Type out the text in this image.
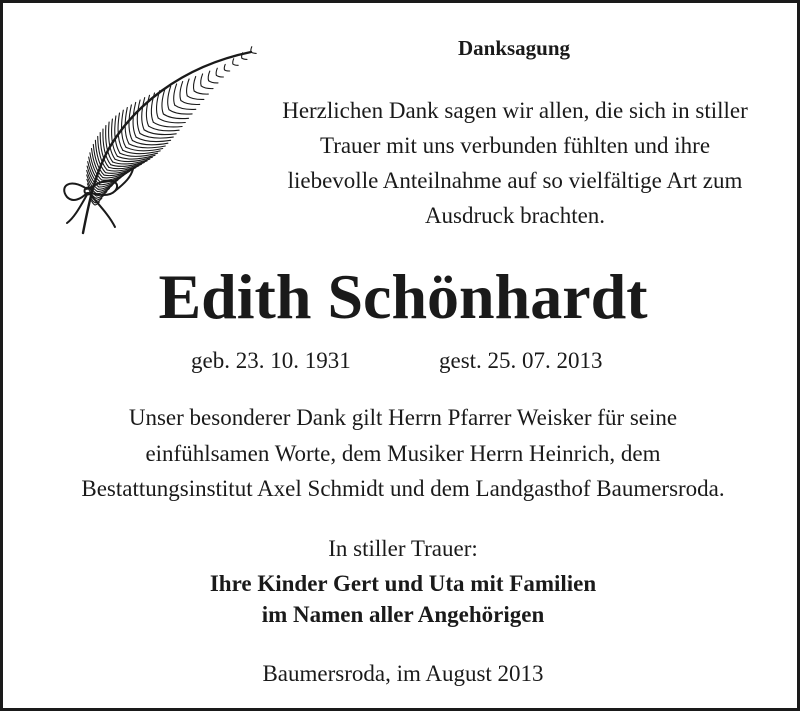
Danksagung
Herzlichen Dank sagen wir allen, die sich in stiller
Trauer mit uns verbunden fühlten und ihre
liebevolle Anteilnahme auf so vielfältige Art zum
Ausdruck brachten.
Edith Schönhardt
geb. 23. 10. 1931	gest. 25. 07. 2013
Unser besonderer Dank gilt Herrn Pfarrer Weisker für seine
einfühlsamen Worte, dem Musiker Herrn Heinrich, dem
Bestattungsinstitut Axel Schmidt und dem Landgasthof Baumersroda.
In stiller Trauer:
Ihre Kinder Gert und Uta mit Familien
im Namen aller Angehörigen
Baumersroda, im August 2013
